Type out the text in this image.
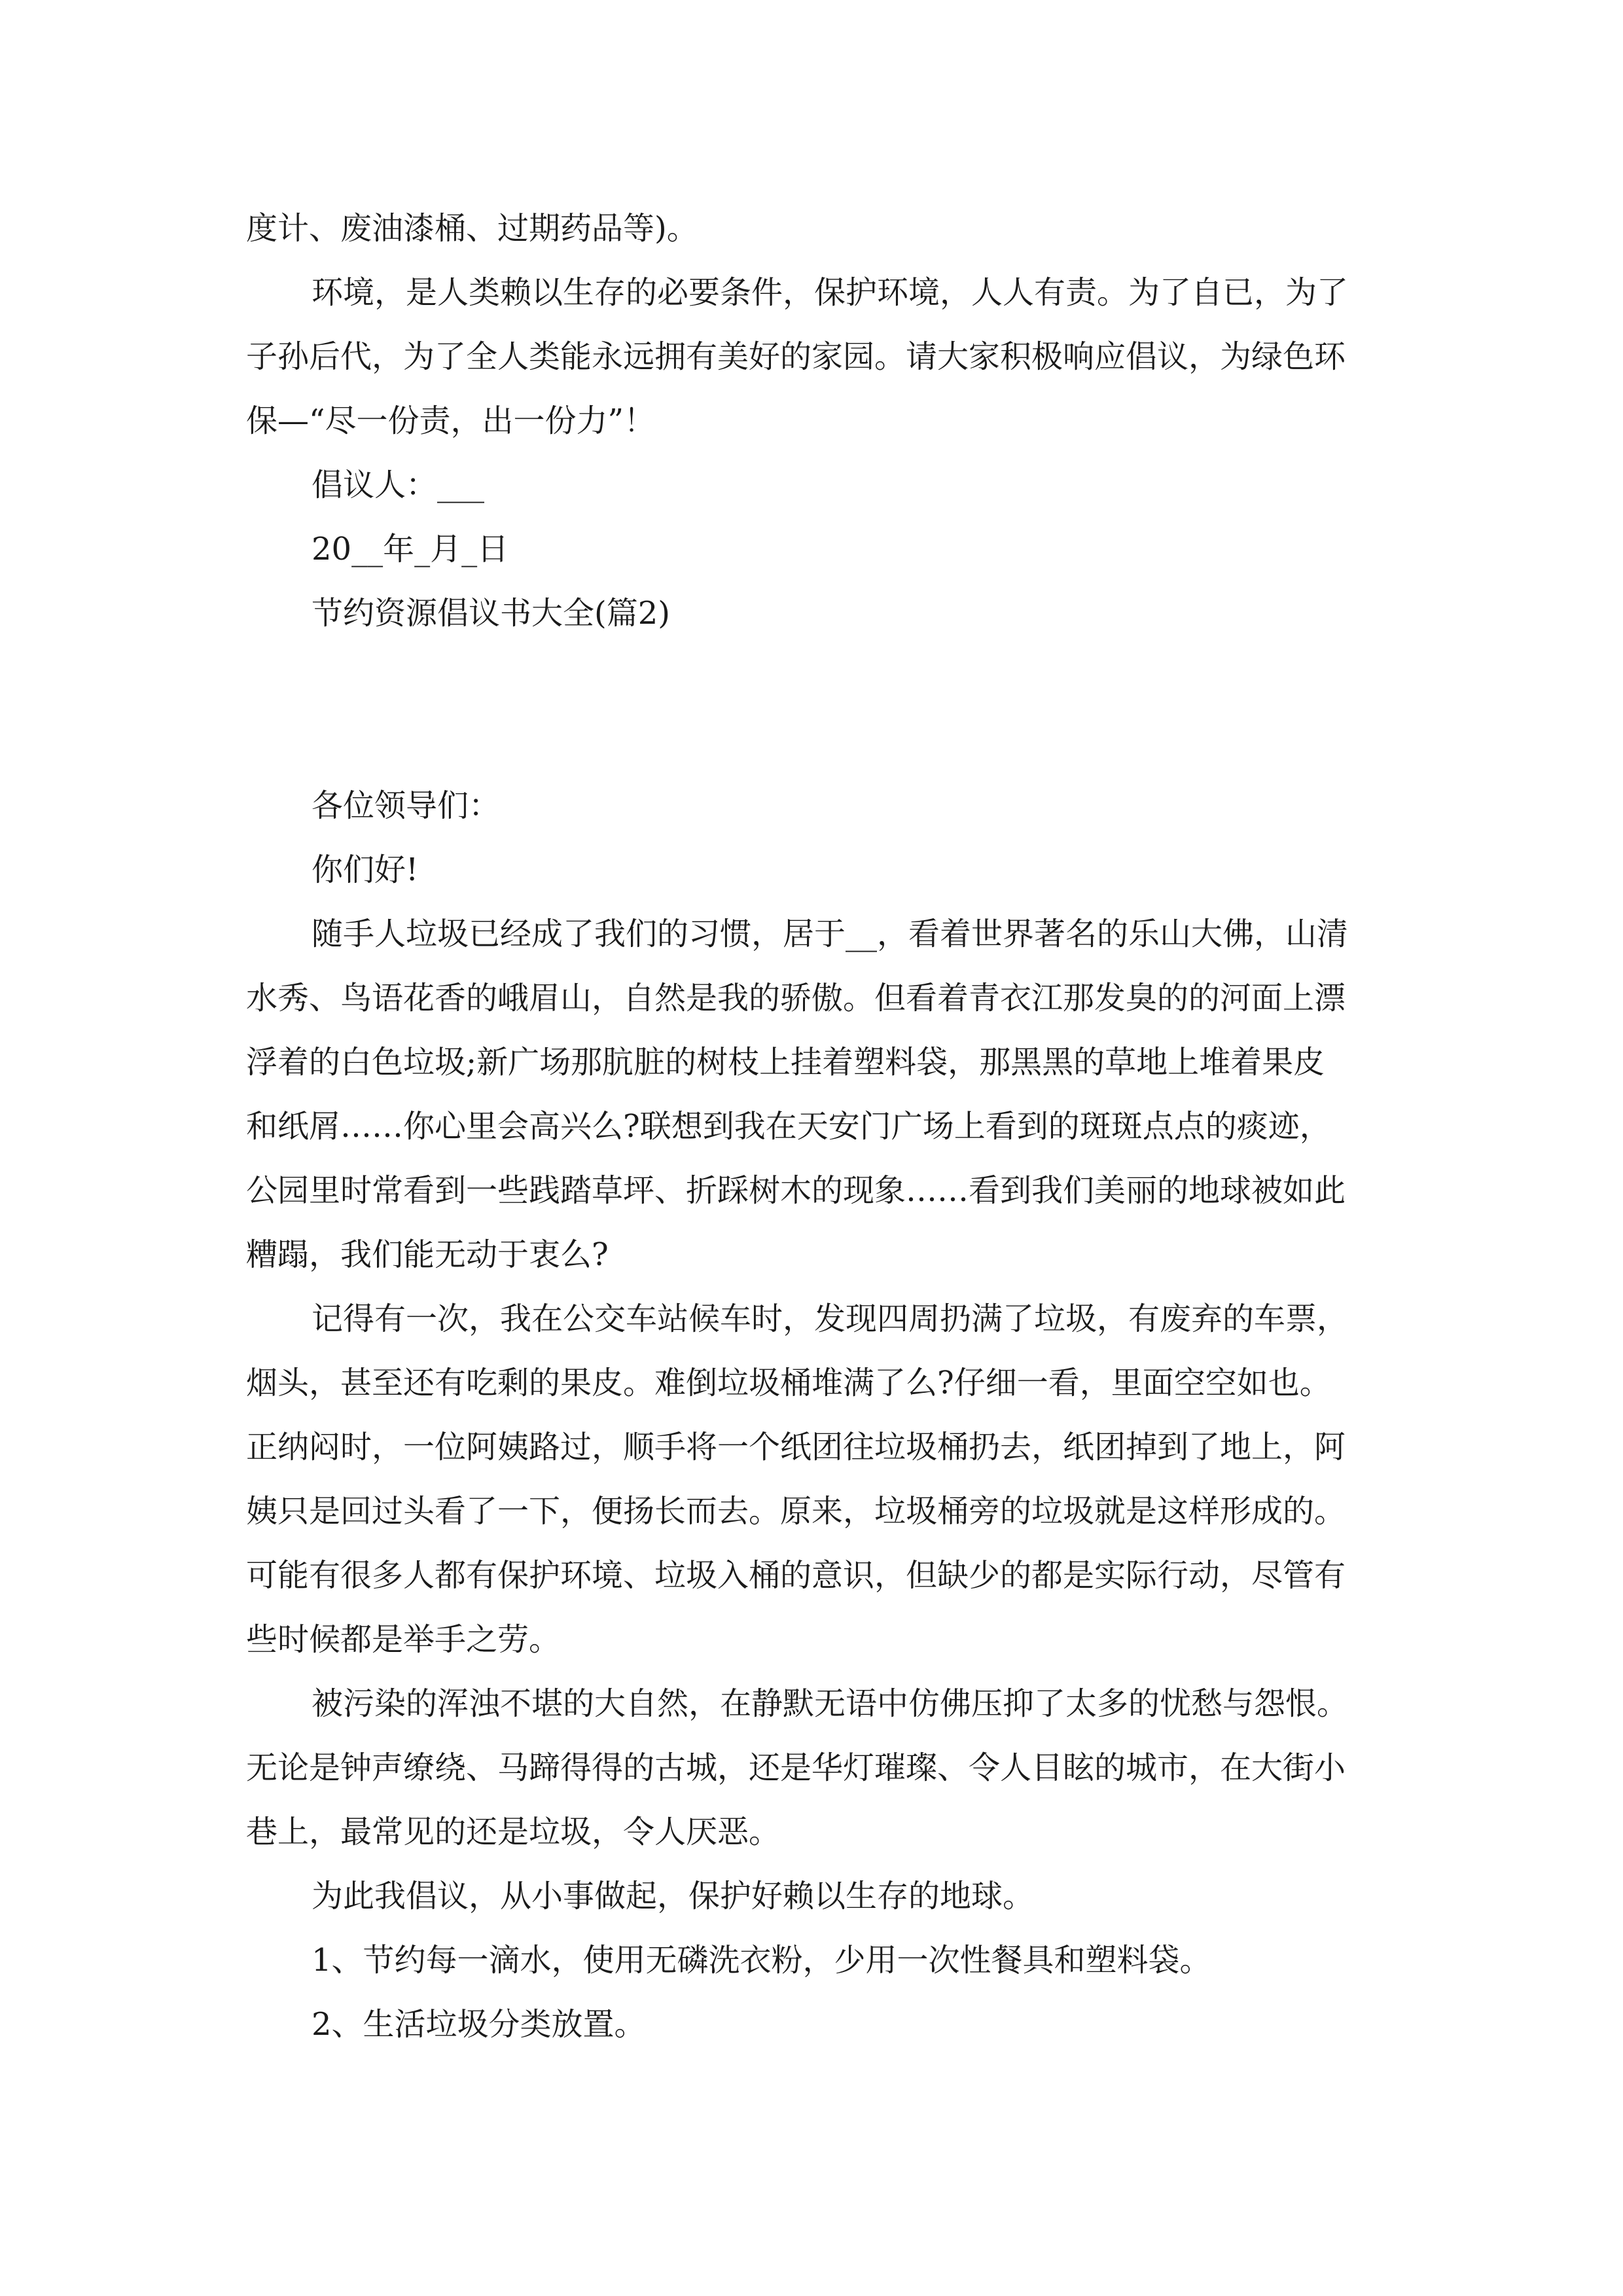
度计、废油漆桶、过期药品等)。

环境，是人类赖以生存的必要条件，保护环境，人人有责。为了自已，为了

子孙后代，为了全人类能永远拥有美好的家园。请大家积极响应倡议，为绿色环

保—“尽一份责，出一份力”！

倡议人：___

20__年_月_日

节约资源倡议书大全(篇2)

各位领导们：

你们好!

随手人垃圾已经成了我们的习惯，居于__，看着世界著名的乐山大佛，山清

水秀、鸟语花香的峨眉山，自然是我的骄傲。但看着青衣江那发臭的的河面上漂

浮着的白色垃圾;新广场那肮脏的树枝上挂着塑料袋，那黑黑的草地上堆着果皮

和纸屑……你心里会高兴么?联想到我在天安门广场上看到的斑斑点点的痰迹，

公园里时常看到一些践踏草坪、折踩树木的现象……看到我们美丽的地球被如此

糟蹋，我们能无动于衷么?

记得有一次，我在公交车站候车时，发现四周扔满了垃圾，有废弃的车票，

烟头，甚至还有吃剩的果皮。难倒垃圾桶堆满了么?仔细一看，里面空空如也。

正纳闷时，一位阿姨路过，顺手将一个纸团往垃圾桶扔去，纸团掉到了地上，阿

姨只是回过头看了一下，便扬长而去。原来，垃圾桶旁的垃圾就是这样形成的。

可能有很多人都有保护环境、垃圾入桶的意识，但缺少的都是实际行动，尽管有

些时候都是举手之劳。

被污染的浑浊不堪的大自然，在静默无语中仿佛压抑了太多的忧愁与怨恨。

无论是钟声缭绕、马蹄得得的古城，还是华灯璀璨、令人目眩的城市，在大街小

巷上，最常见的还是垃圾，令人厌恶。

为此我倡议，从小事做起，保护好赖以生存的地球。

1、节约每一滴水，使用无磷洗衣粉，少用一次性餐具和塑料袋。

2、生活垃圾分类放置。
